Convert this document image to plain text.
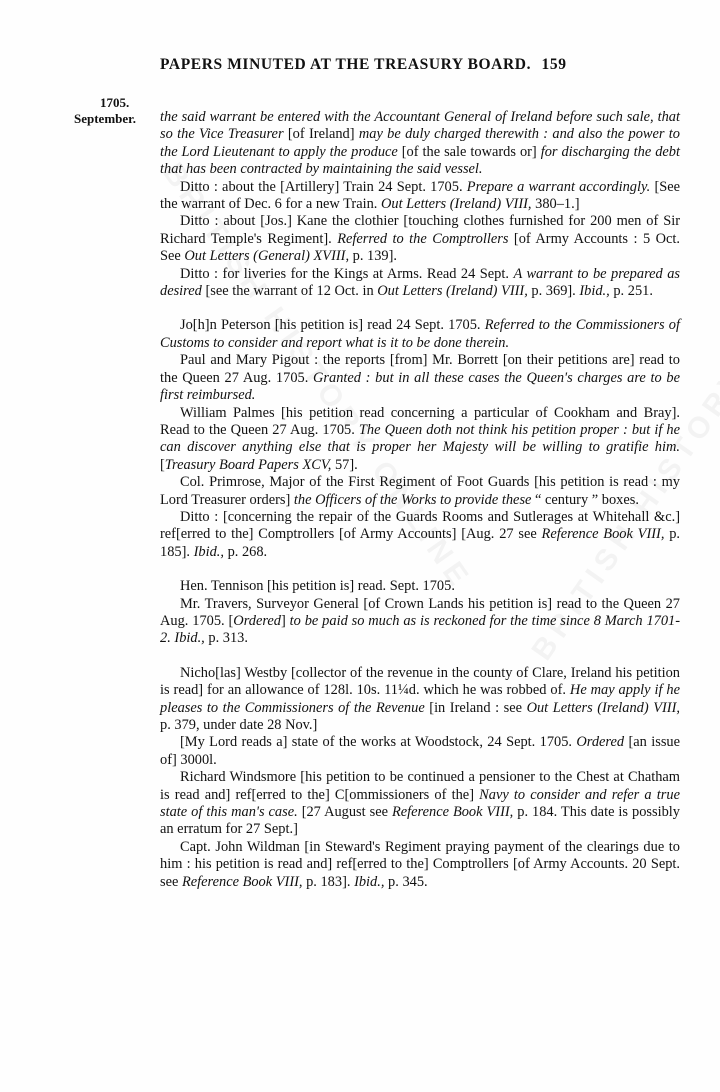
PAPERS MINUTED AT THE TREASURY BOARD. 159
1705.
September. the said warrant be entered with the Accountant General of Ireland before such sale, that so the Vice Treasurer [of Ireland] may be duly charged therewith : and also the power to the Lord Lieutenant to apply the produce [of the sale towards or] for discharging the debt that has been contracted by maintaining the said vessel.

Ditto : about the [Artillery] Train 24 Sept. 1705. Prepare a warrant accordingly. [See the warrant of Dec. 6 for a new Train. Out Letters (Ireland) VIII, 380–1.]

Ditto : about [Jos.] Kane the clothier [touching clothes furnished for 200 men of Sir Richard Temple's Regiment]. Referred to the Comptrollers [of Army Accounts : 5 Oct. See Out Letters (General) XVIII, p. 139].

Ditto : for liveries for the Kings at Arms. Read 24 Sept. A warrant to be prepared as desired [see the warrant of 12 Oct. in Out Letters (Ireland) VIII, p. 369]. Ibid., p. 251.

Jo[h]n Peterson [his petition is] read 24 Sept. 1705. Referred to the Commissioners of Customs to consider and report what is it to be done therein.

Paul and Mary Pigout : the reports [from] Mr. Borrett [on their petitions are] read to the Queen 27 Aug. 1705. Granted : but in all these cases the Queen's charges are to be first reimbursed.

William Palmes [his petition read concerning a particular of Cookham and Bray]. Read to the Queen 27 Aug. 1705. The Queen doth not think his petition proper : but if he can discover anything else that is proper her Majesty will be willing to gratifie him. [Treasury Board Papers XCV, 57].

Col. Primrose, Major of the First Regiment of Foot Guards [his petition is read : my Lord Treasurer orders] the Officers of the Works to provide these “ century ” boxes.

Ditto : [concerning the repair of the Guards Rooms and Sutlerages at Whitehall &c.] ref[erred to the] Comptrollers [of Army Accounts] [Aug. 27 see Reference Book VIII, p. 185]. Ibid., p. 268.

Hen. Tennison [his petition is] read. Sept. 1705.

Mr. Travers, Surveyor General [of Crown Lands his petition is] read to the Queen 27 Aug. 1705. [Ordered] to be paid so much as is reckoned for the time since 8 March 1701-2. Ibid., p. 313.

Nicho[las] Westby [collector of the revenue in the county of Clare, Ireland his petition is read] for an allowance of 128l. 10s. 11¼d. which he was robbed of. He may apply if he pleases to the Commissioners of the Revenue [in Ireland : see Out Letters (Ireland) VIII, p. 379, under date 28 Nov.]

[My Lord reads a] state of the works at Woodstock, 24 Sept. 1705. Ordered [an issue of] 3000l.

Richard Windsmore [his petition to be continued a pensioner to the Chest at Chatham is read and] ref[erred to the] C[ommissioners of the] Navy to consider and refer a true state of this man's case. [27 August see Reference Book VIII, p. 184. This date is possibly an erratum for 27 Sept.]

Capt. John Wildman [in Steward's Regiment praying payment of the clearings due to him : his petition is read and] ref[erred to the] Comptrollers [of Army Accounts. 20 Sept. see Reference Book VIII, p. 183]. Ibid., p. 345.
